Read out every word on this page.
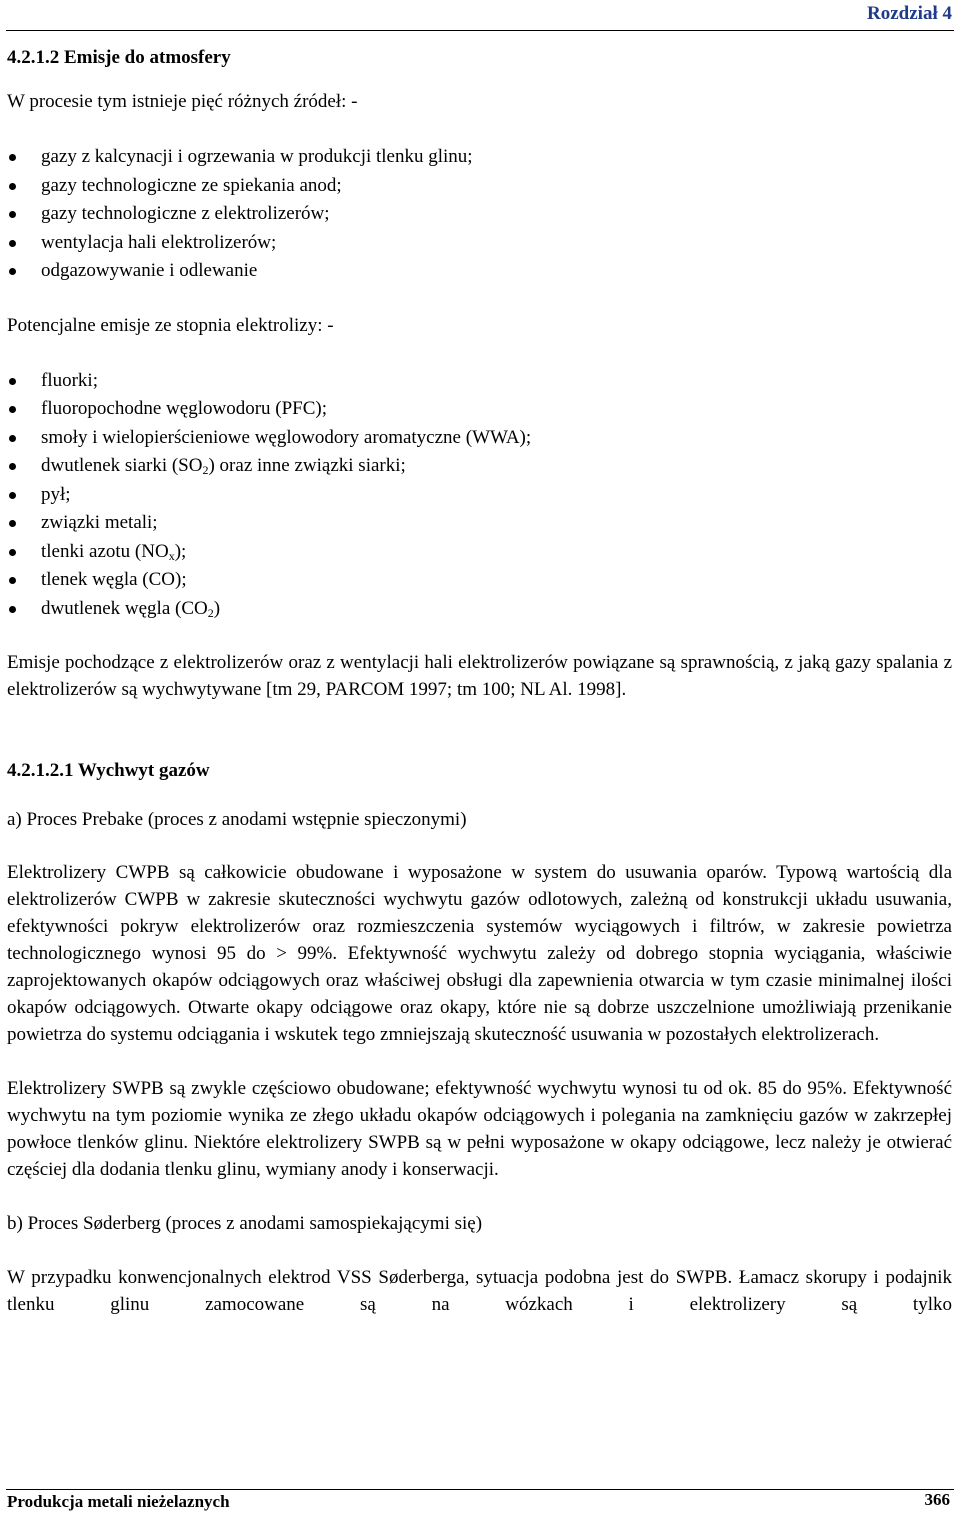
Rozdział 4

4.2.1.2 Emisje do atmosfery

W procesie tym istnieje pięć różnych źródeł: -

gazy z kalcynacji i ogrzewania w produkcji tlenku glinu;
gazy technologiczne ze spiekania anod;
gazy technologiczne z elektrolizerów;
wentylacja hali elektrolizerów;
odgazowywanie i odlewanie

Potencjalne emisje ze stopnia elektrolizy: -

fluorki;
fluoropochodne węglowodoru (PFC);
smoły i wielopierścieniowe węglowodory aromatyczne (WWA);
dwutlenek siarki $(SO_2)$ oraz inne związki siarki;
pył;
związki metali;
tlenki azotu $(NO_x)$;
tlenek węgla (CO);
dwutlenek węgla $(CO_2)$

Emisje pochodzące z elektrolizerów oraz z wentylacji hali elektrolizerów powiązane są sprawnością, z jaką gazy spalania z elektrolizerów są wychwytywane [tm 29, PARCOM 1997; tm 100; NL Al. 1998].

4.2.1.2.1 Wychwyt gazów

a) Proces Prebake (proces z anodami wstępnie spieczonymi)

Elektrolizery CWPB są całkowicie obudowane i wyposażone w system do usuwania oparów. Typową wartością dla elektrolizerów CWPB w zakresie skuteczności wychwytu gazów odlotowych, zależną od konstrukcji układu usuwania, efektywności pokryw elektrolizerów oraz rozmieszczenia systemów wyciągowych i filtrów, w zakresie powietrza technologicznego wynosi 95 do > 99%. Efektywność wychwytu zależy od dobrego stopnia wyciągania, właściwie zaprojektowanych okapów odciągowych oraz właściwej obsługi dla zapewnienia otwarcia w tym czasie minimalnej ilości okapów odciągowych. Otwarte okapy odciągowe oraz okapy, które nie są dobrze uszczelnione umożliwiają przenikanie powietrza do systemu odciągania i wskutek tego zmniejszają skuteczność usuwania w pozostałych elektrolizerach.

Elektrolizery SWPB są zwykle częściowo obudowane; efektywność wychwytu wynosi tu od ok. 85 do 95%. Efektywność wychwytu na tym poziomie wynika ze złego układu okapów odciągowych i polegania na zamknięciu gazów w zakrzepłej powłoce tlenków glinu. Niektóre elektrolizery SWPB są w pełni wyposażone w okapy odciągowe, lecz należy je otwierać częściej dla dodania tlenku glinu, wymiany anody i konserwacji.

b) Proces Søderberg (proces z anodami samospiekającymi się)

W przypadku konwencjonalnych elektrod VSS Søderberga, sytuacja podobna jest do SWPB. Łamacz skorupy i podajnik tlenku glinu zamocowane są na wózkach i elektrolizery są tylko

Produkcja metali nieżelaznych	366
